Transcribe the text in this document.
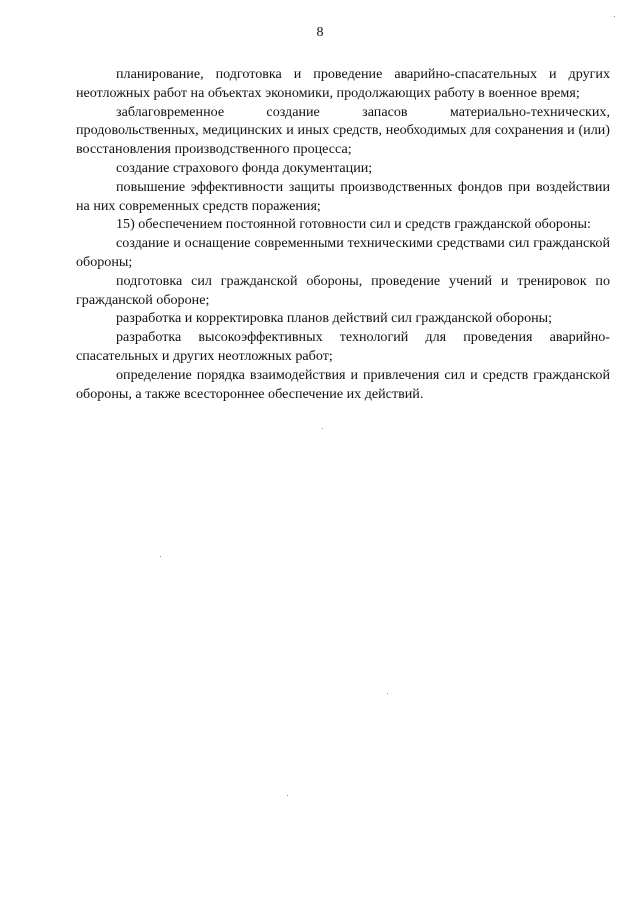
8

планирование, подготовка и проведение аварийно-спасательных и других неотложных работ на объектах экономики, продолжающих работу в военное время;

заблаговременное создание запасов материально-технических, продовольственных, медицинских и иных средств, необходимых для сохранения и (или) восстановления производственного процесса;

создание страхового фонда документации;

повышение эффективности защиты производственных фондов при воздействии на них современных средств поражения;

15) обеспечением постоянной готовности сил и средств гражданской обороны:

создание и оснащение современными техническими средствами сил гражданской обороны;

подготовка сил гражданской обороны, проведение учений и тренировок по гражданской обороне;

разработка и корректировка планов действий сил гражданской обороны;

разработка высокоэффективных технологий для проведения аварийно-спасательных и других неотложных работ;

определение порядка взаимодействия и привлечения сил и средств гражданской обороны, а также всестороннее обеспечение их действий.
